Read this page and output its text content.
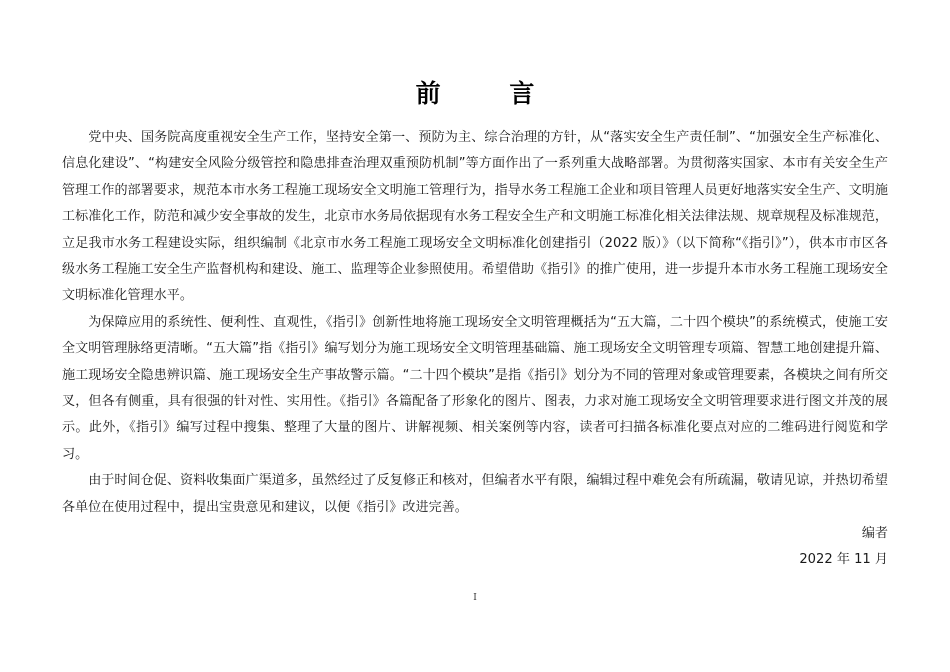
前 言

党中央、国务院高度重视安全生产工作，坚持安全第一、预防为主、综合治理的方针，从“落实安全生产责任制”、“加强安全生产标准化、信息化建设”、“构建安全风险分级管控和隐患排查治理双重预防机制”等方面作出了一系列重大战略部署。为贯彻落实国家、本市有关安全生产管理工作的部署要求，规范本市水务工程施工现场安全文明施工管理行为，指导水务工程施工企业和项目管理人员更好地落实安全生产、文明施工标准化工作，防范和减少安全事故的发生，北京市水务局依据现有水务工程安全生产和文明施工标准化相关法律法规、规章规程及标准规范，立足我市水务工程建设实际，组织编制《北京市水务工程施工现场安全文明标准化创建指引（2022 版）》（以下简称“《指引》”），供本市市区各级水务工程施工安全生产监督机构和建设、施工、监理等企业参照使用。希望借助《指引》的推广使用，进一步提升本市水务工程施工现场安全文明标准化管理水平。

为保障应用的系统性、便利性、直观性，《指引》创新性地将施工现场安全文明管理概括为“五大篇，二十四个模块”的系统模式，使施工安全文明管理脉络更清晰。“五大篇”指《指引》编写划分为施工现场安全文明管理基础篇、施工现场安全文明管理专项篇、智慧工地创建提升篇、施工现场安全隐患辨识篇、施工现场安全生产事故警示篇。“二十四个模块”是指《指引》划分为不同的管理对象或管理要素，各模块之间有所交叉，但各有侧重，具有很强的针对性、实用性。《指引》各篇配备了形象化的图片、图表，力求对施工现场安全文明管理要求进行图文并茂的展示。此外，《指引》编写过程中搜集、整理了大量的图片、讲解视频、相关案例等内容，读者可扫描各标准化要点对应的二维码进行阅览和学习。

由于时间仓促、资料收集面广渠道多，虽然经过了反复修正和核对，但编者水平有限，编辑过程中难免会有所疏漏，敬请见谅，并热切希望各单位在使用过程中，提出宝贵意见和建议，以便《指引》改进完善。

编者

2022 年 11 月

I
